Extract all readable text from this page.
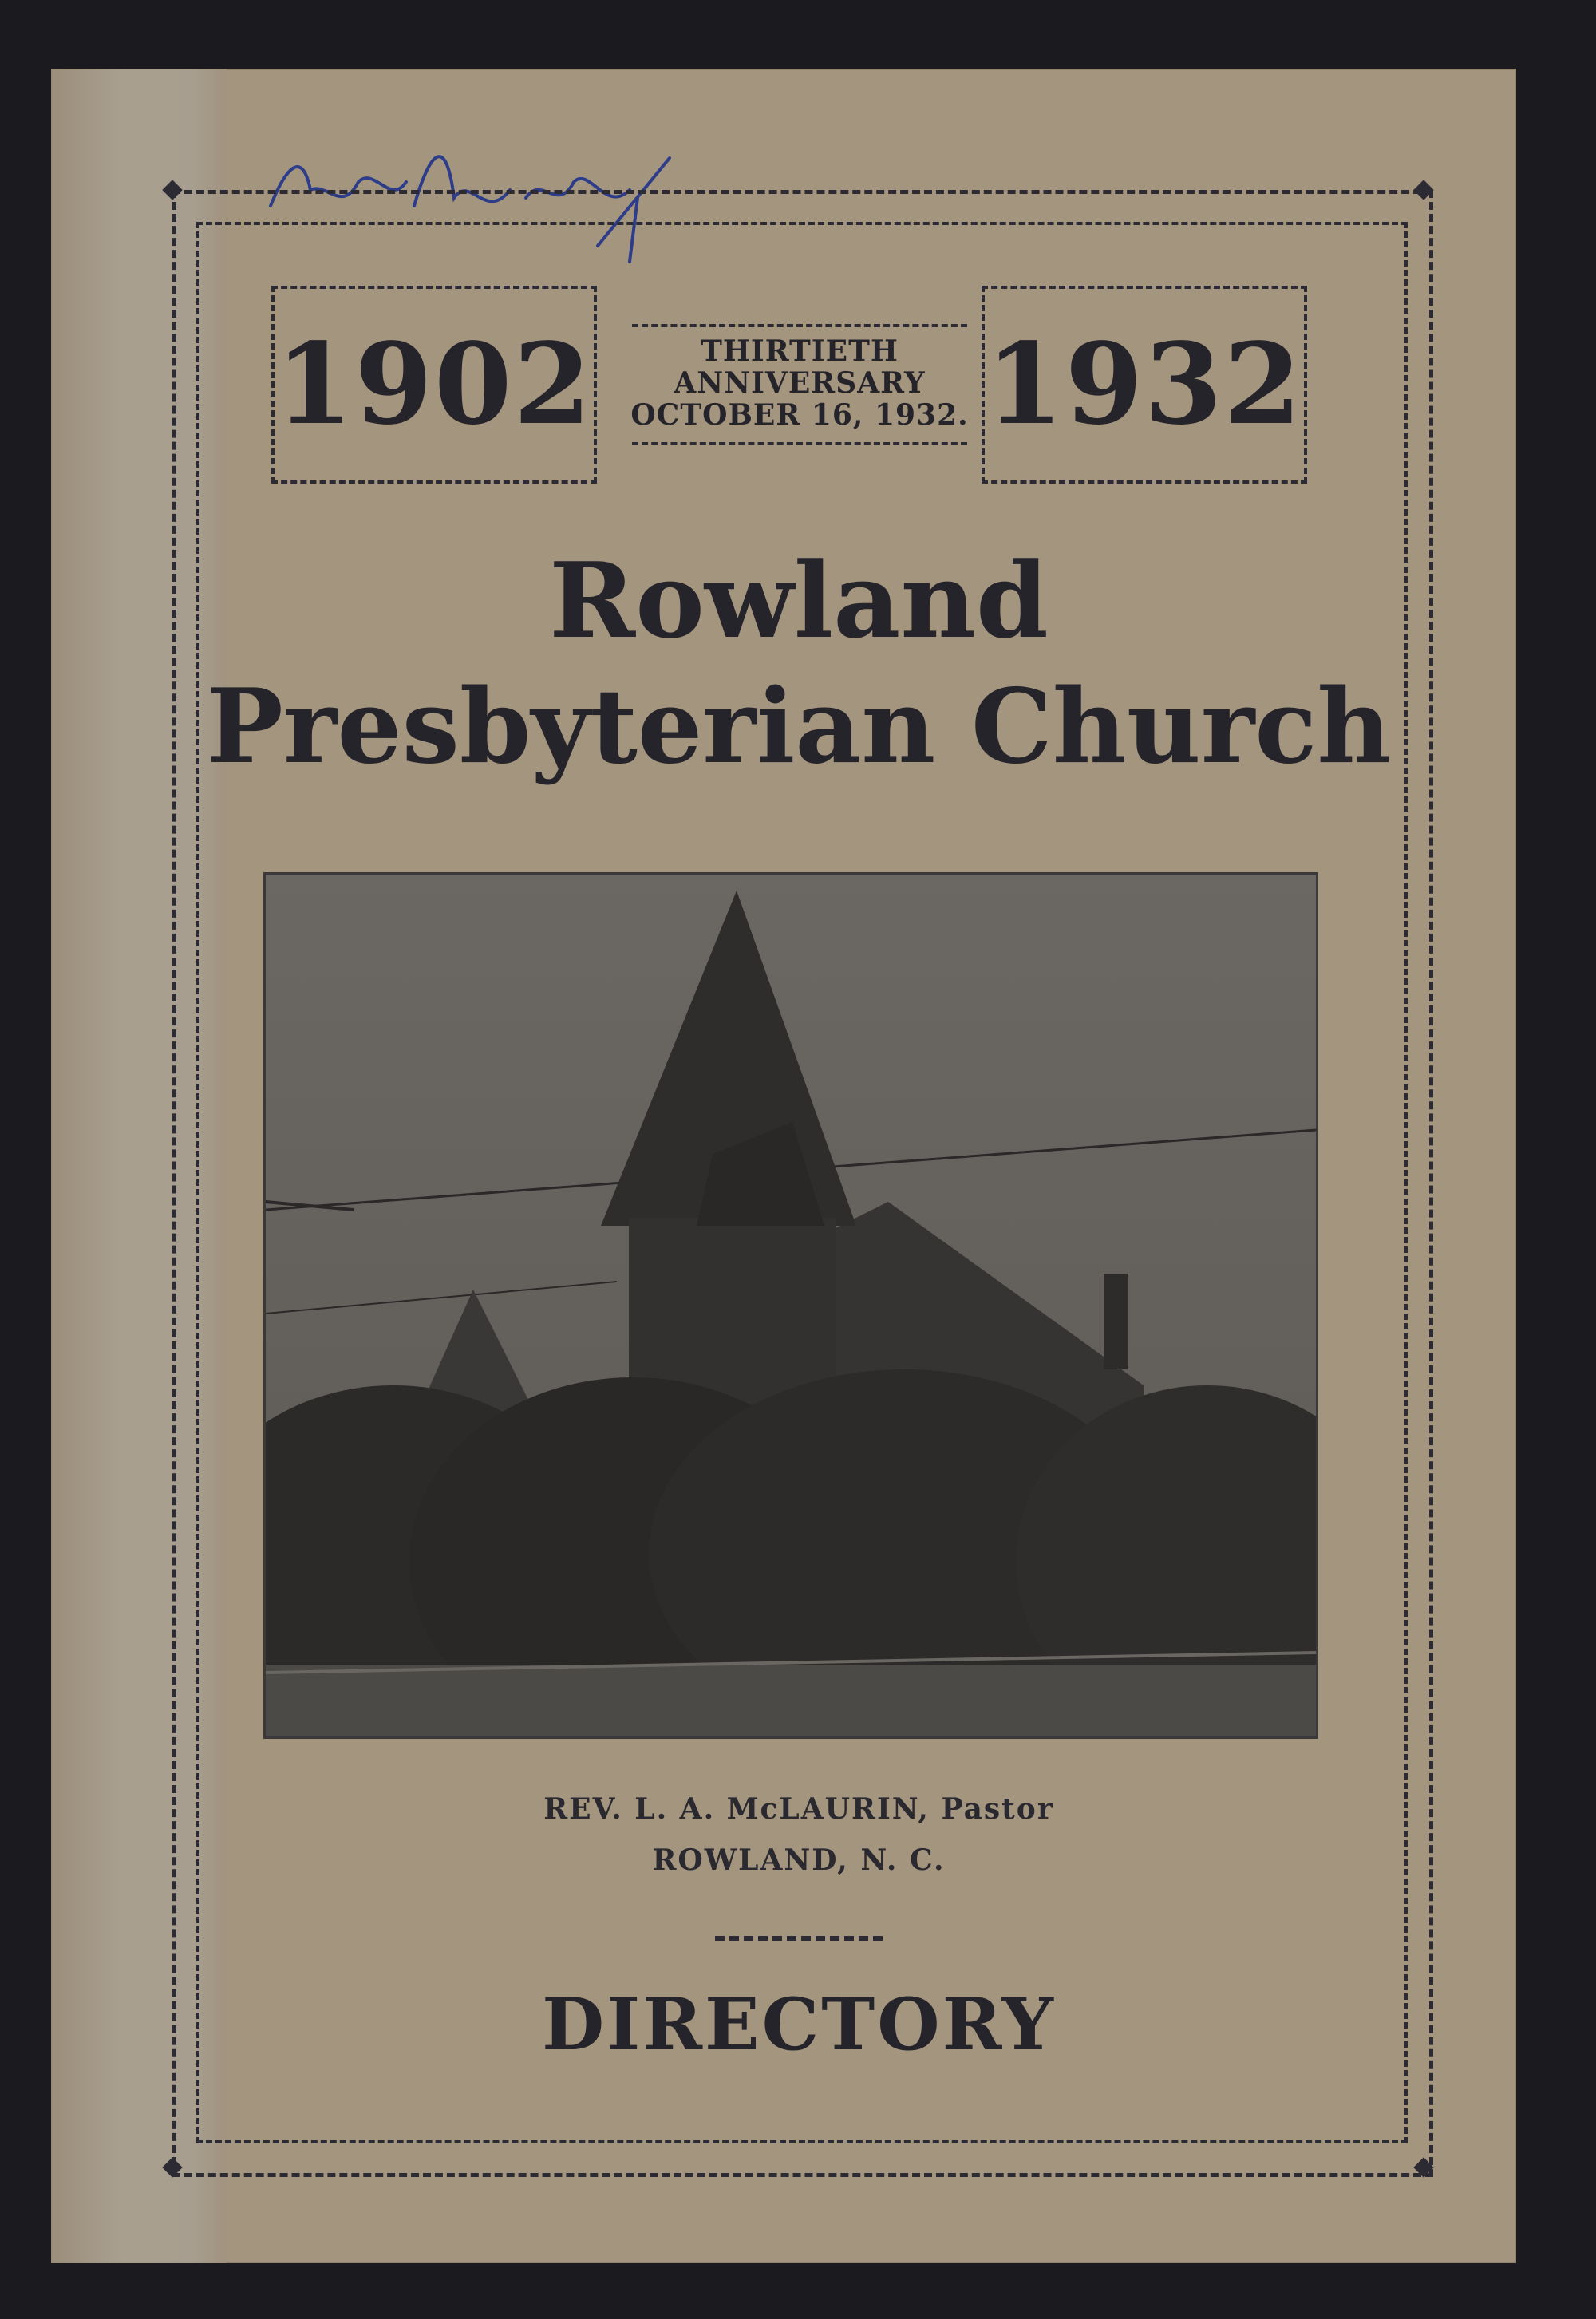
1902	THIRTIETH
ANNIVERSARY
OCTOBER 16, 1932. 1932
Rowland
Presbyterian Church
REV. L. A. McLAURIN, Pastor
ROWLAND, N. C.
DIRECTORY
